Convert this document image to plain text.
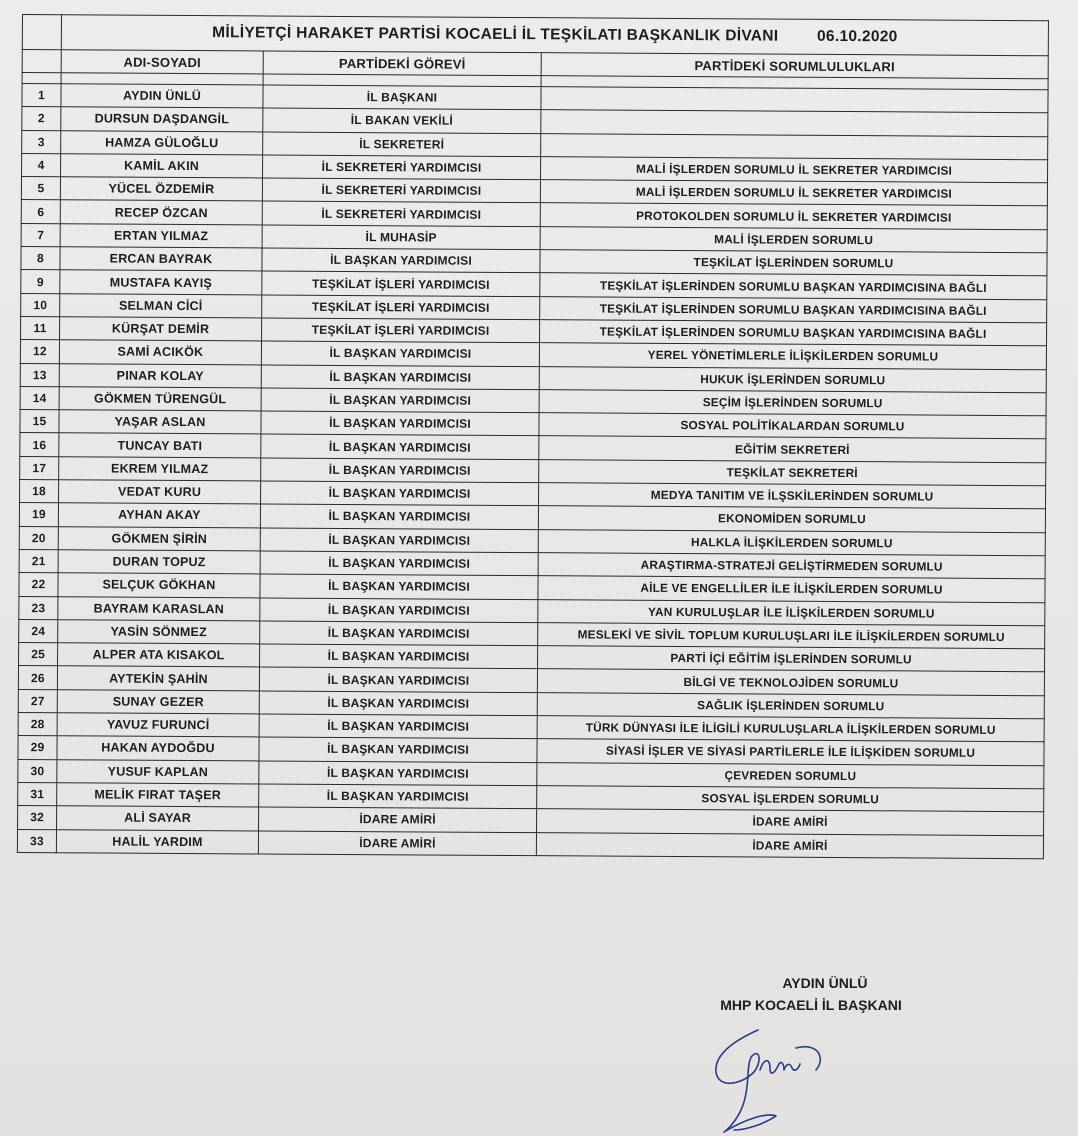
	MİLİYETÇİ HARAKET PARTİSİ KOCAELİ İL TEŞKİLATI BAŞKANLIK DİVANI 06.10.2020		
	ADI-SOYADI	PARTİDEKİ GÖREVİ	PARTİDEKİ SORUMLULUKLARI

1	AYDIN ÜNLÜ	İL BAŞKANI	
2	DURSUN DAŞDANGİL	İL BAKAN VEKİLİ	
3	HAMZA GÜLOĞLU	İL SEKRETERİ	
4	KAMİL AKIN	İL SEKRETERİ YARDIMCISI	MALİ İŞLERDEN SORUMLU İL SEKRETER YARDIMCISI
5	YÜCEL ÖZDEMİR	İL SEKRETERİ YARDIMCISI	MALİ İŞLERDEN SORUMLU İL SEKRETER YARDIMCISI
6	RECEP ÖZCAN	İL SEKRETERİ YARDIMCISI	PROTOKOLDEN SORUMLU İL SEKRETER YARDIMCISI
7	ERTAN YILMAZ	İL MUHASİP	MALİ İŞLERDEN SORUMLU
8	ERCAN BAYRAK	İL BAŞKAN YARDIMCISI	TEŞKİLAT İŞLERİNDEN SORUMLU
9	MUSTAFA KAYIŞ	TEŞKİLAT İŞLERİ YARDIMCISI	TEŞKİLAT İŞLERİNDEN SORUMLU BAŞKAN YARDIMCISINA BAĞLI
10	SELMAN CİCİ	TEŞKİLAT İŞLERİ YARDIMCISI	TEŞKİLAT İŞLERİNDEN SORUMLU BAŞKAN YARDIMCISINA BAĞLI
11	KÜRŞAT DEMİR	TEŞKİLAT İŞLERİ YARDIMCISI	TEŞKİLAT İŞLERİNDEN SORUMLU BAŞKAN YARDIMCISINA BAĞLI
12	SAMİ ACIKÖK	İL BAŞKAN YARDIMCISI	YEREL YÖNETİMLERLE İLİŞKİLERDEN SORUMLU
13	PINAR KOLAY	İL BAŞKAN YARDIMCISI	HUKUK İŞLERİNDEN SORUMLU
14	GÖKMEN TÜRENGÜL	İL BAŞKAN YARDIMCISI	SEÇİM İŞLERİNDEN SORUMLU
15	YAŞAR ASLAN	İL BAŞKAN YARDIMCISI	SOSYAL POLİTİKALARDAN SORUMLU
16	TUNCAY BATI	İL BAŞKAN YARDIMCISI	EĞİTİM SEKRETERİ
17	EKREM YILMAZ	İL BAŞKAN YARDIMCISI	TEŞKİLAT SEKRETERİ
18	VEDAT KURU	İL BAŞKAN YARDIMCISI	MEDYA TANITIM VE İLŞSKİLERİNDEN SORUMLU
19	AYHAN AKAY	İL BAŞKAN YARDIMCISI	EKONOMİDEN SORUMLU
20	GÖKMEN ŞİRİN	İL BAŞKAN YARDIMCISI	HALKLA İLİŞKİLERDEN SORUMLU
21	DURAN TOPUZ	İL BAŞKAN YARDIMCISI	ARAŞTIRMA-STRATEJİ GELİŞTİRMEDEN SORUMLU
22	SELÇUK GÖKHAN	İL BAŞKAN YARDIMCISI	AİLE VE ENGELLİLER İLE İLİŞKİLERDEN SORUMLU
23	BAYRAM KARASLAN	İL BAŞKAN YARDIMCISI	YAN KURULUŞLAR İLE İLİŞKİLERDEN SORUMLU
24	YASİN SÖNMEZ	İL BAŞKAN YARDIMCISI	MESLEKİ VE SİVİL TOPLUM KURULUŞLARI İLE İLİŞKİLERDEN SORUMLU
25	ALPER ATA KISAKOL	İL BAŞKAN YARDIMCISI	PARTİ İÇİ EĞİTİM İŞLERİNDEN SORUMLU
26	AYTEKİN ŞAHİN	İL BAŞKAN YARDIMCISI	BİLGİ VE TEKNOLOJİDEN SORUMLU
27	SUNAY GEZER	İL BAŞKAN YARDIMCISI	SAĞLIK İŞLERİNDEN SORUMLU
28	YAVUZ FURUNCİ	İL BAŞKAN YARDIMCISI	TÜRK DÜNYASI İLE İLİGİLİ KURULUŞLARLA İLİŞKİLERDEN SORUMLU
29	HAKAN AYDOĞDU	İL BAŞKAN YARDIMCISI	SİYASİ İŞLER VE SİYASİ PARTİLERLE İLE İLİŞKİDEN SORUMLU
30	YUSUF KAPLAN	İL BAŞKAN YARDIMCISI	ÇEVREDEN SORUMLU
31	MELİK FIRAT TAŞER	İL BAŞKAN YARDIMCISI	SOSYAL İŞLERDEN SORUMLU
32	ALİ SAYAR	İDARE AMİRİ	İDARE AMİRİ
33	HALİL YARDIM	İDARE AMİRİ	İDARE AMİRİ
AYDIN ÜNLÜ
MHP KOCAELİ İL BAŞKANI
